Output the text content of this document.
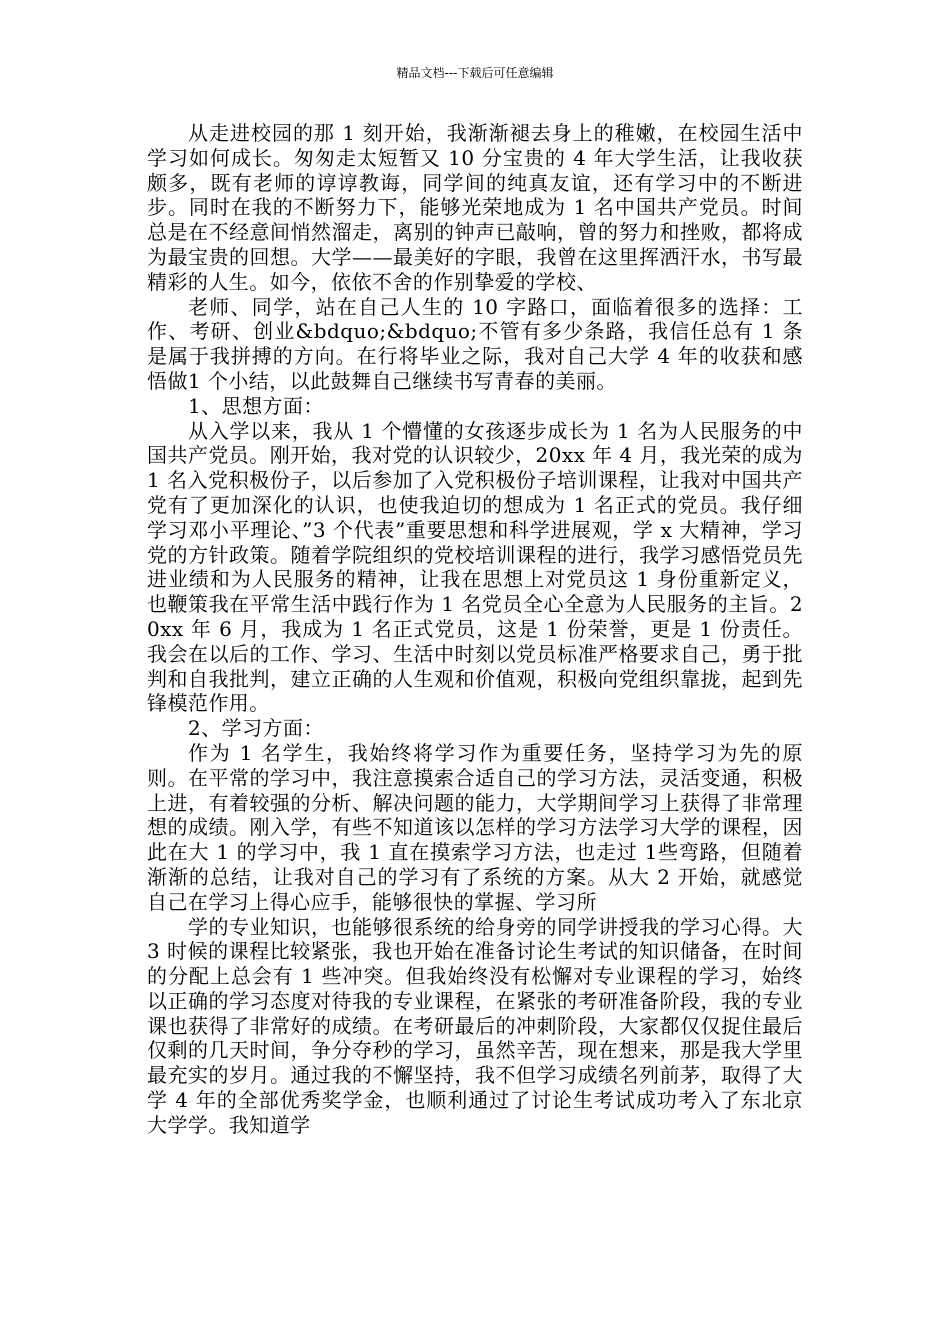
精品文档---下载后可任意编辑

从走进校园的那 1 刻开始，我渐渐褪去身上的稚嫩，在校园生活中学习如何成长。匆匆走太短暂又 10 分宝贵的 4 年大学生活，让我收获颇多，既有老师的谆谆教诲，同学间的纯真友谊，还有学习中的不断进步。同时在我的不断努力下，能够光荣地成为 1 名中国共产党员。时间总是在不经意间悄然溜走，离别的钟声已敲响，曾的努力和挫败，都将成为最宝贵的回想。大学——最美好的字眼，我曾在这里挥洒汗水，书写最精彩的人生。如今，依依不舍的作别挚爱的学校、

老师、同学，站在自己人生的 10 字路口，面临着很多的选择：工作、考研、创业&bdquo;&bdquo;不管有多少条路，我信任总有 1 条是属于我拼搏的方向。在行将毕业之际，我对自己大学 4 年的收获和感悟做1 个小结，以此鼓舞自己继续书写青春的美丽。

1、思想方面：

从入学以来，我从 1 个懵懂的女孩逐步成长为 1 名为人民服务的中国共产党员。刚开始，我对党的认识较少，20xx 年 4 月，我光荣的成为 1 名入党积极份子，以后参加了入党积极份子培训课程，让我对中国共产党有了更加深化的认识，也使我迫切的想成为 1 名正式的党员。我仔细学习邓小平理论、”3 个代表”重要思想和科学进展观，学 x 大精神，学习党的方针政策。随着学院组织的党校培训课程的进行，我学习感悟党员先进业绩和为人民服务的精神，让我在思想上对党员这 1 身份重新定义，也鞭策我在平常生活中践行作为 1 名党员全心全意为人民服务的主旨。20xx 年 6 月，我成为 1 名正式党员，这是 1 份荣誉，更是 1 份责任。我会在以后的工作、学习、生活中时刻以党员标准严格要求自己，勇于批判和自我批判，建立正确的人生观和价值观，积极向党组织靠拢，起到先锋模范作用。

2、学习方面：

作为 1 名学生，我始终将学习作为重要任务，坚持学习为先的原则。在平常的学习中，我注意摸索合适自己的学习方法，灵活变通，积极上进，有着较强的分析、解决问题的能力，大学期间学习上获得了非常理想的成绩。刚入学，有些不知道该以怎样的学习方法学习大学的课程，因此在大 1 的学习中，我 1 直在摸索学习方法，也走过 1些弯路，但随着渐渐的总结，让我对自己的学习有了系统的方案。从大 2 开始，就感觉自己在学习上得心应手，能够很快的掌握、学习所

学的专业知识，也能够很系统的给身旁的同学讲授我的学习心得。大3 时候的课程比较紧张，我也开始在准备讨论生考试的知识储备，在时间的分配上总会有 1 些冲突。但我始终没有松懈对专业课程的学习，始终以正确的学习态度对待我的专业课程，在紧张的考研准备阶段，我的专业课也获得了非常好的成绩。在考研最后的冲刺阶段，大家都仅仅捉住最后仅剩的几天时间，争分夺秒的学习，虽然辛苦，现在想来，那是我大学里最充实的岁月。通过我的不懈坚持，我不但学习成绩名列前茅，取得了大学 4 年的全部优秀奖学金，也顺利通过了讨论生考试成功考入了东北京大学学。我知道学
